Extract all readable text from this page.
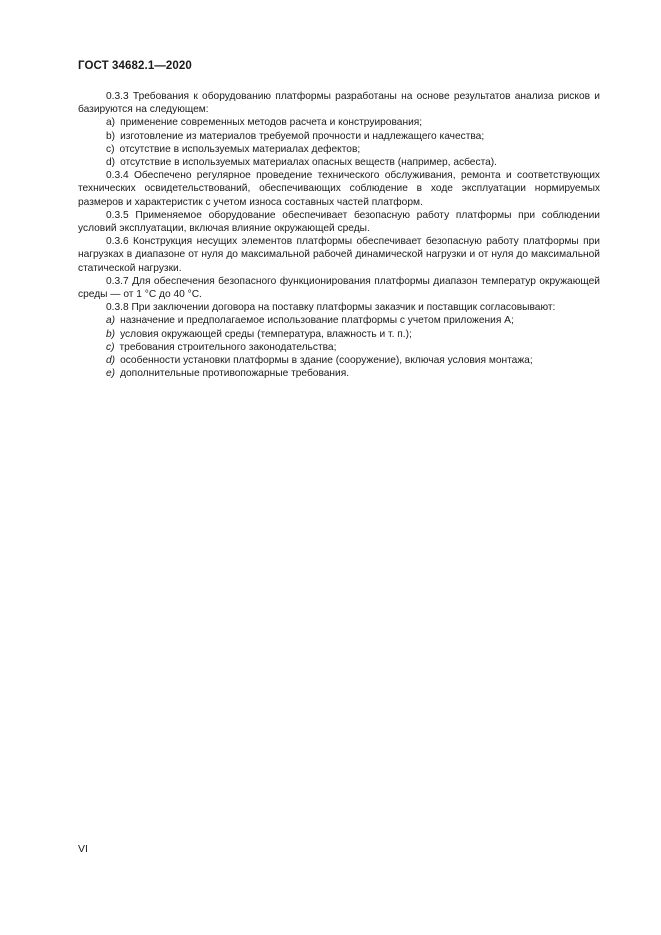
ГОСТ 34682.1—2020

0.3.3 Требования к оборудованию платформы разработаны на основе результатов анализа рисков и базируются на следующем:

a) применение современных методов расчета и конструирования;
b) изготовление из материалов требуемой прочности и надлежащего качества;
c) отсутствие в используемых материалах дефектов;
d) отсутствие в используемых материалах опасных веществ (например, асбеста).

0.3.4 Обеспечено регулярное проведение технического обслуживания, ремонта и соответствующих технических освидетельствований, обеспечивающих соблюдение в ходе эксплуатации нормируемых размеров и характеристик с учетом износа составных частей платформ.

0.3.5 Применяемое оборудование обеспечивает безопасную работу платформы при соблюдении условий эксплуатации, включая влияние окружающей среды.

0.3.6 Конструкция несущих элементов платформы обеспечивает безопасную работу платформы при нагрузках в диапазоне от нуля до максимальной рабочей динамической нагрузки и от нуля до максимальной статической нагрузки.

0.3.7 Для обеспечения безопасного функционирования платформы диапазон температур окружающей среды — от 1 °С до 40 °С.

0.3.8 При заключении договора на поставку платформы заказчик и поставщик согласовывают:

a) назначение и предполагаемое использование платформы с учетом приложения А;
b) условия окружающей среды (температура, влажность и т. п.);
c) требования строительного законодательства;
d) особенности установки платформы в здание (сооружение), включая условия монтажа;
e) дополнительные противопожарные требования.
VI
